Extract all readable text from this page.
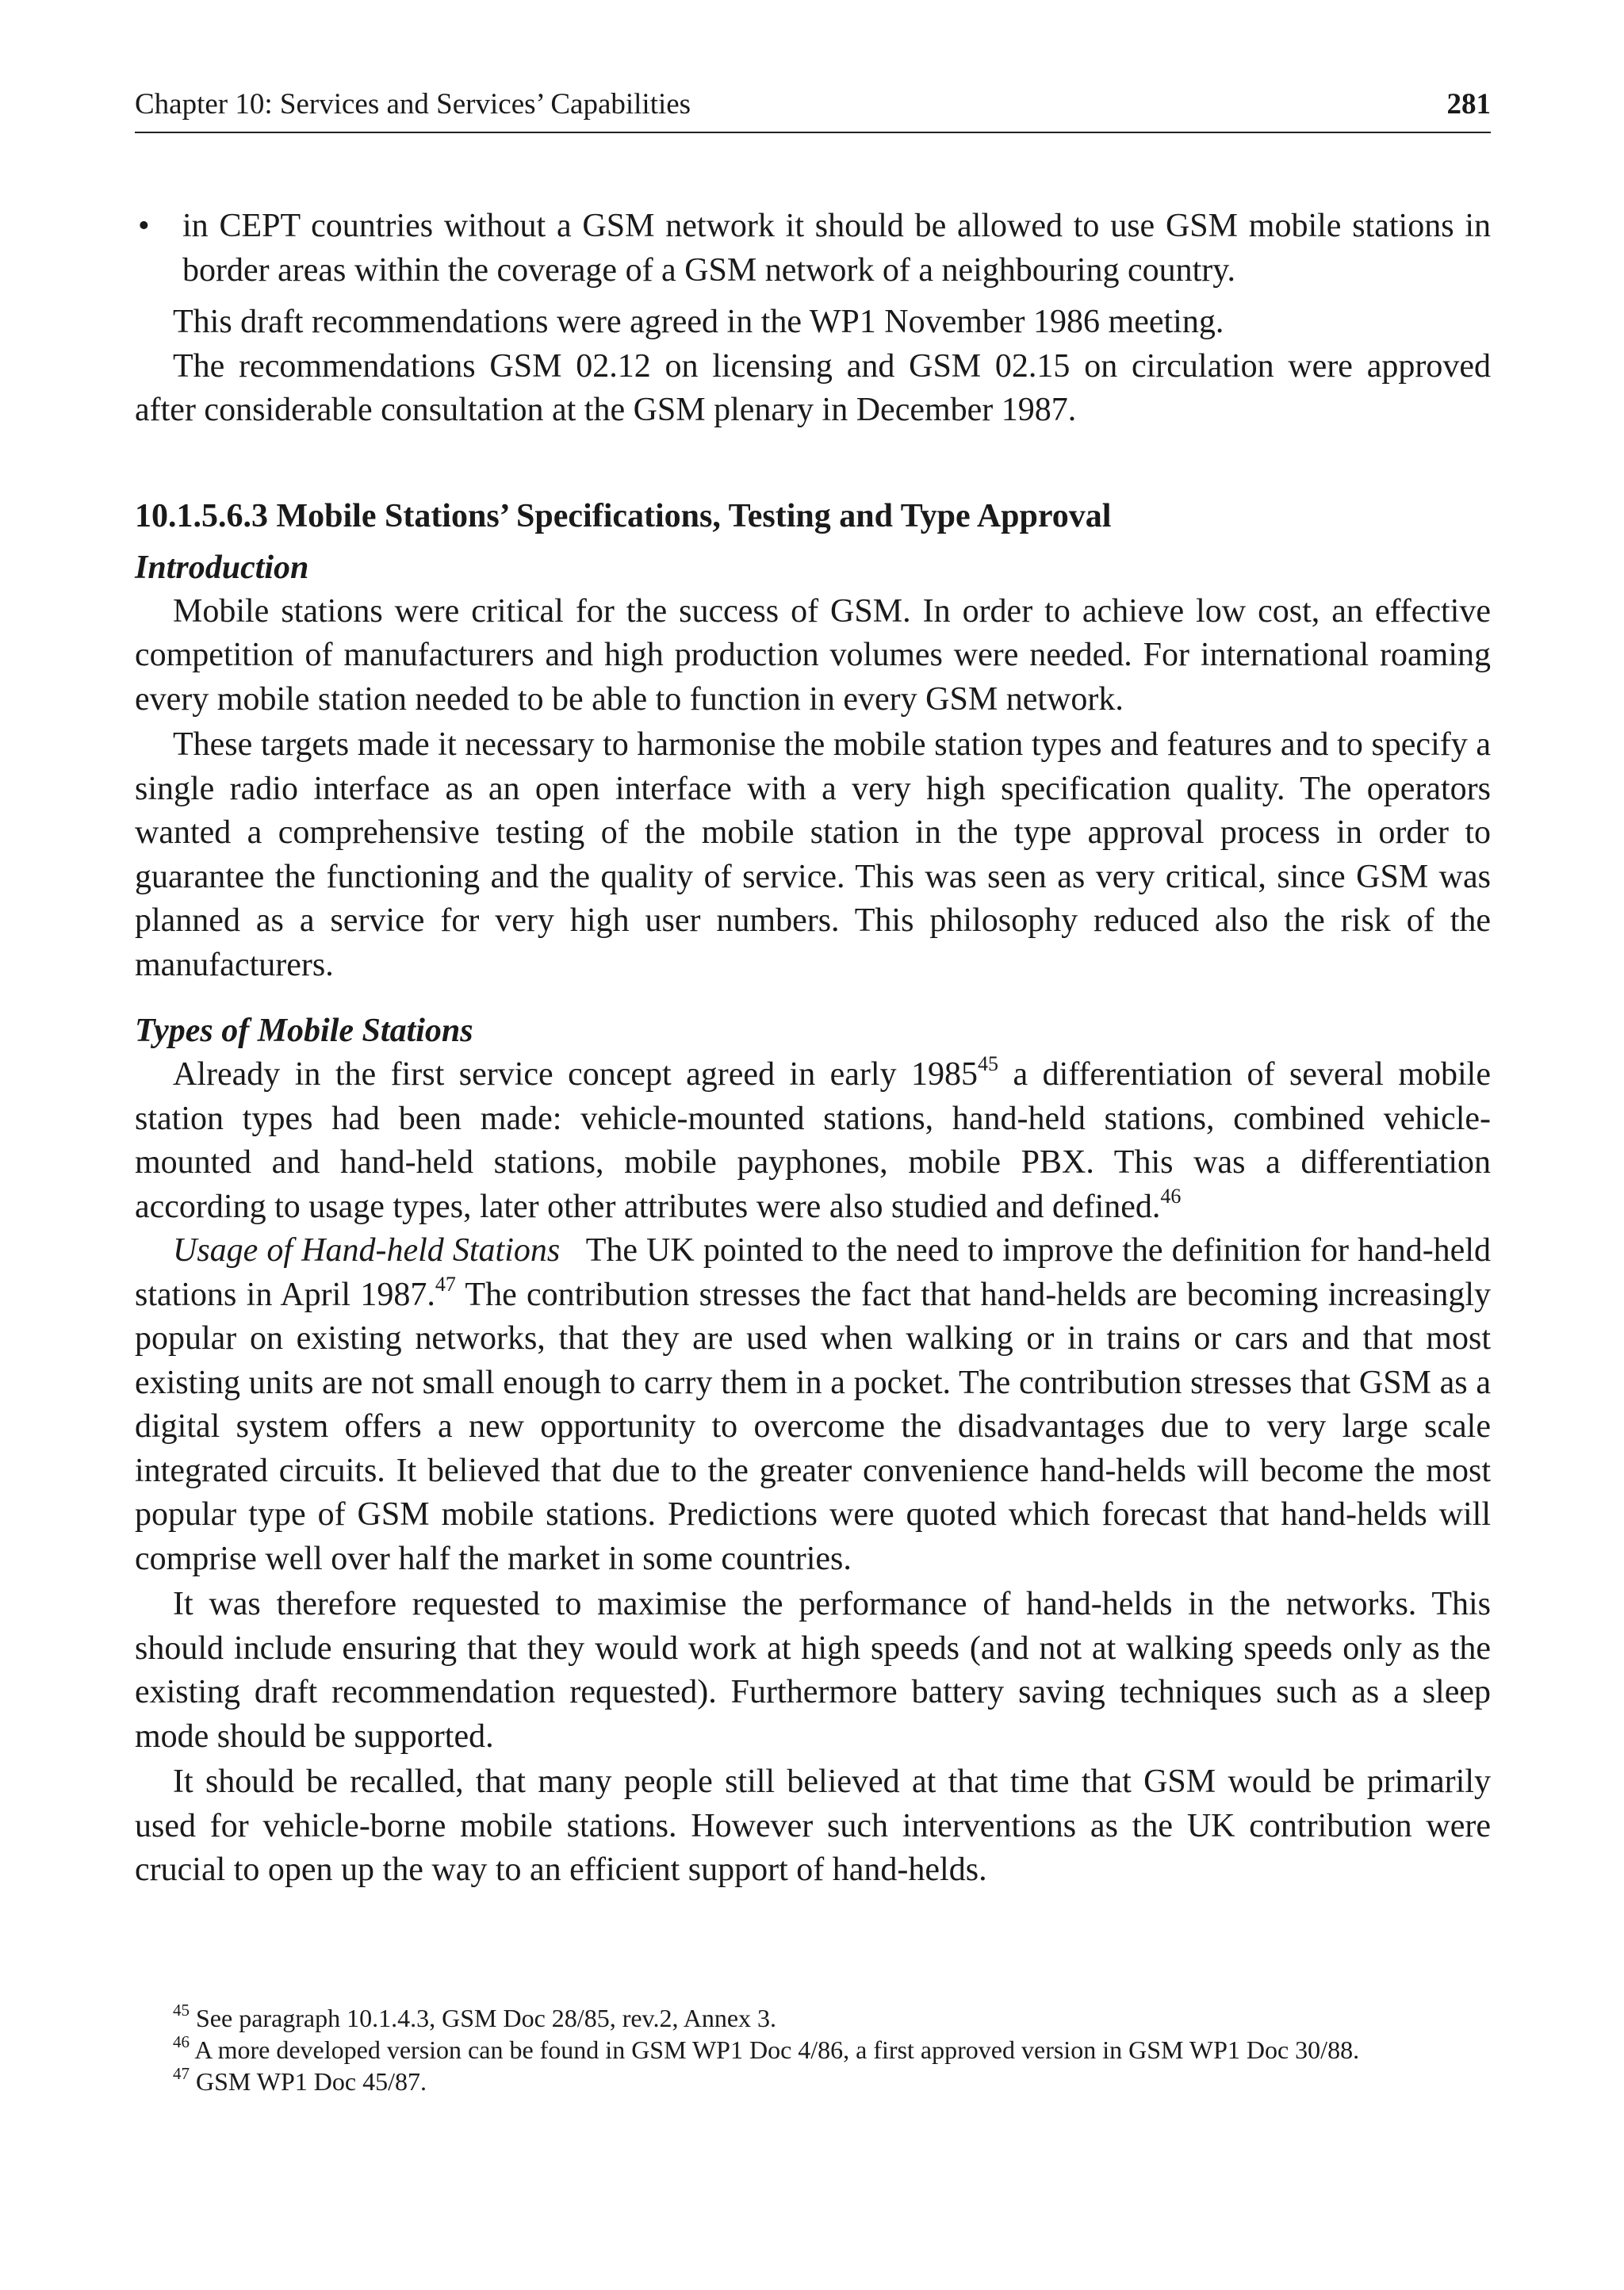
Chapter 10: Services and Services’ Capabilities	281
• in CEPT countries without a GSM network it should be allowed to use GSM mobile stations in border areas within the coverage of a GSM network of a neighbouring country.

This draft recommendations were agreed in the WP1 November 1986 meeting.

The recommendations GSM 02.12 on licensing and GSM 02.15 on circulation were approved after considerable consultation at the GSM plenary in December 1987.

10.1.5.6.3 Mobile Stations’ Specifications, Testing and Type Approval
Introduction

Mobile stations were critical for the success of GSM. In order to achieve low cost, an effective competition of manufacturers and high production volumes were needed. For international roaming every mobile station needed to be able to function in every GSM network.

These targets made it necessary to harmonise the mobile station types and features and to specify a single radio interface as an open interface with a very high specification quality. The operators wanted a comprehensive testing of the mobile station in the type approval process in order to guarantee the functioning and the quality of service. This was seen as very critical, since GSM was planned as a service for very high user numbers. This philosophy reduced also the risk of the manufacturers.

Types of Mobile Stations

Already in the first service concept agreed in early 1985$^{45}$ a differentiation of several mobile station types had been made: vehicle-mounted stations, hand-held stations, combined vehicle-mounted and hand-held stations, mobile payphones, mobile PBX. This was a differentiation according to usage types, later other attributes were also studied and defined.$^{46}$

Usage of Hand-held Stations The UK pointed to the need to improve the definition for hand-held stations in April 1987.47 The contribution stresses the fact that hand-helds are becoming increasingly popular on existing networks, that they are used when walking or in trains or cars and that most existing units are not small enough to carry them in a pocket. The contribution stresses that GSM as a digital system offers a new opportunity to overcome the disadvantages due to very large scale integrated circuits. It believed that due to the greater convenience hand-helds will become the most popular type of GSM mobile stations. Predictions were quoted which forecast that hand-helds will comprise well over half the market in some countries.

It was therefore requested to maximise the performance of hand-helds in the networks. This should include ensuring that they would work at high speeds (and not at walking speeds only as the existing draft recommendation requested). Furthermore battery saving techniques such as a sleep mode should be supported.

It should be recalled, that many people still believed at that time that GSM would be primarily used for vehicle-borne mobile stations. However such interventions as the UK contribution were crucial to open up the way to an efficient support of hand-helds.

$^{45}$ See paragraph 10.1.4.3, GSM Doc 28/85, rev.2, Annex 3.

$^{46}$ A more developed version can be found in GSM WP1 Doc 4/86, a first approved version in GSM WP1 Doc 30/88.

$^{47}$ GSM WP1 Doc 45/87.
